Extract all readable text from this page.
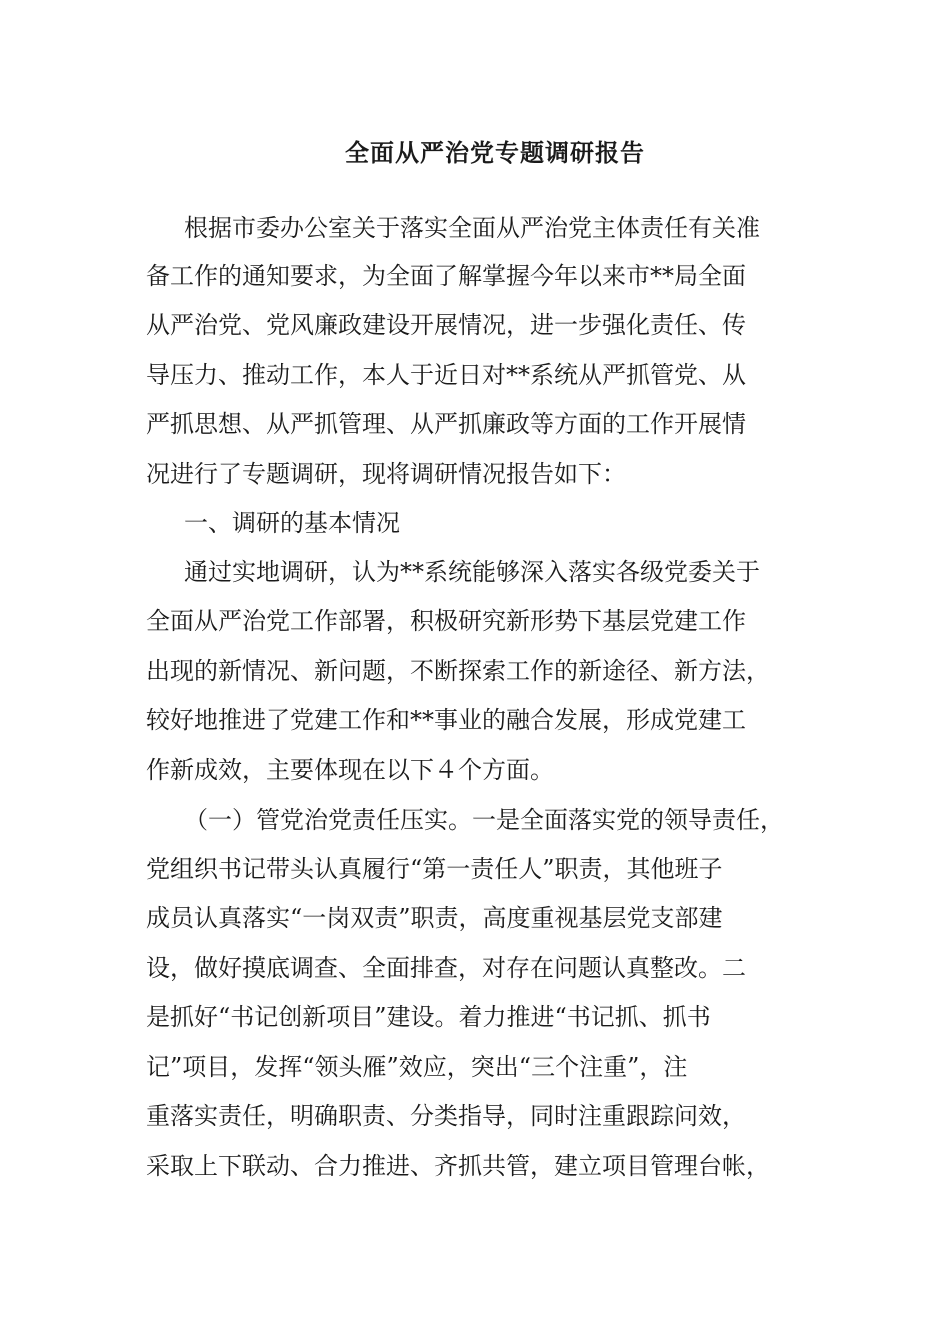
全面从严治党专题调研报告
根据市委办公室关于落实全面从严治党主体责任有关准
备工作的通知要求，为全面了解掌握今年以来市**局全面
从严治党、党风廉政建设开展情况，进一步强化责任、传
导压力、推动工作，本人于近日对**系统从严抓管党、从
严抓思想、从严抓管理、从严抓廉政等方面的工作开展情
况进行了专题调研，现将调研情况报告如下：
一、调研的基本情况
通过实地调研，认为**系统能够深入落实各级党委关于
全面从严治党工作部署，积极研究新形势下基层党建工作
出现的新情况、新问题，不断探索工作的新途径、新方法，
较好地推进了党建工作和**事业的融合发展，形成党建工
作新成效，主要体现在以下４个方面。
（一）管党治党责任压实。一是全面落实党的领导责任，
党组织书记带头认真履行“第一责任人”职责，其他班子
成员认真落实“一岗双责”职责，高度重视基层党支部建
设，做好摸底调查、全面排查，对存在问题认真整改。二
是抓好“书记创新项目”建设。着力推进“书记抓、抓书
记”项目，发挥“领头雁”效应，突出“三个注重”，注
重落实责任，明确职责、分类指导，同时注重跟踪问效，
采取上下联动、合力推进、齐抓共管，建立项目管理台帐，
